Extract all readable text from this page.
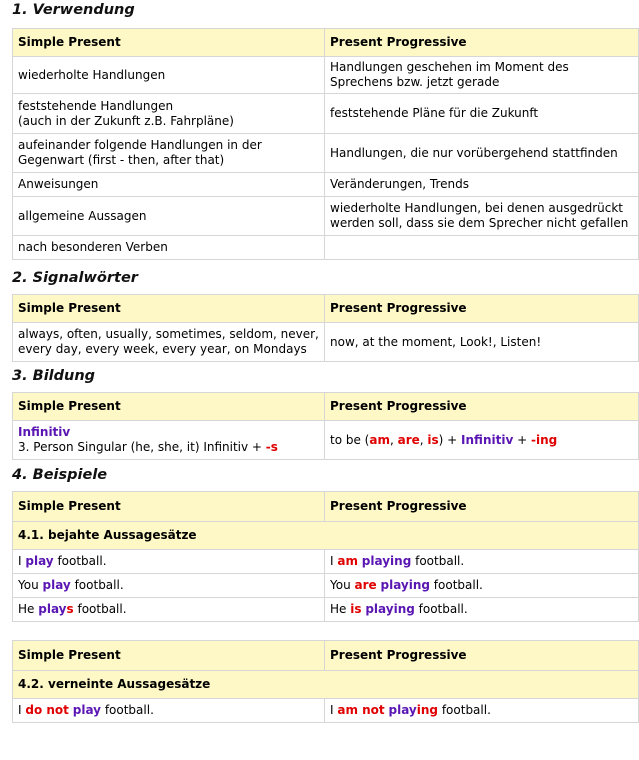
1. Verwendung
Simple Present	Present Progressive
wiederholte Handlungen	Handlungen geschehen im Moment des Sprechens bzw. jetzt gerade
feststehende Handlungen
(auch in der Zukunft z.B. Fahrpläne)	feststehende Pläne für die Zukunft
aufeinander folgende Handlungen in der Gegenwart (first - then, after that)	Handlungen, die nur vorübergehend stattfinden
Anweisungen	Veränderungen, Trends
allgemeine Aussagen	wiederholte Handlungen, bei denen ausgedrückt werden soll, dass sie dem Sprecher nicht gefallen
nach besonderen Verben	
2. Signalwörter
Simple Present	Present Progressive
always, often, usually, sometimes, seldom, never, every day, every week, every year, on Mondays	now, at the moment, Look!, Listen!
3. Bildung
Simple Present	Present Progressive
Infinitiv
3. Person Singular (he, she, it) Infinitiv + -s	to be (am, are, is) + Infinitiv + -ing
4. Beispiele
Simple Present	Present Progressive
4.1. bejahte Aussagesätze	
I play football.	I am playing football.
You play football.	You are playing football.
He plays football.	He is playing football.
Simple Present	Present Progressive
4.2. verneinte Aussagesätze	
I do not play football.	I am not playing football.
